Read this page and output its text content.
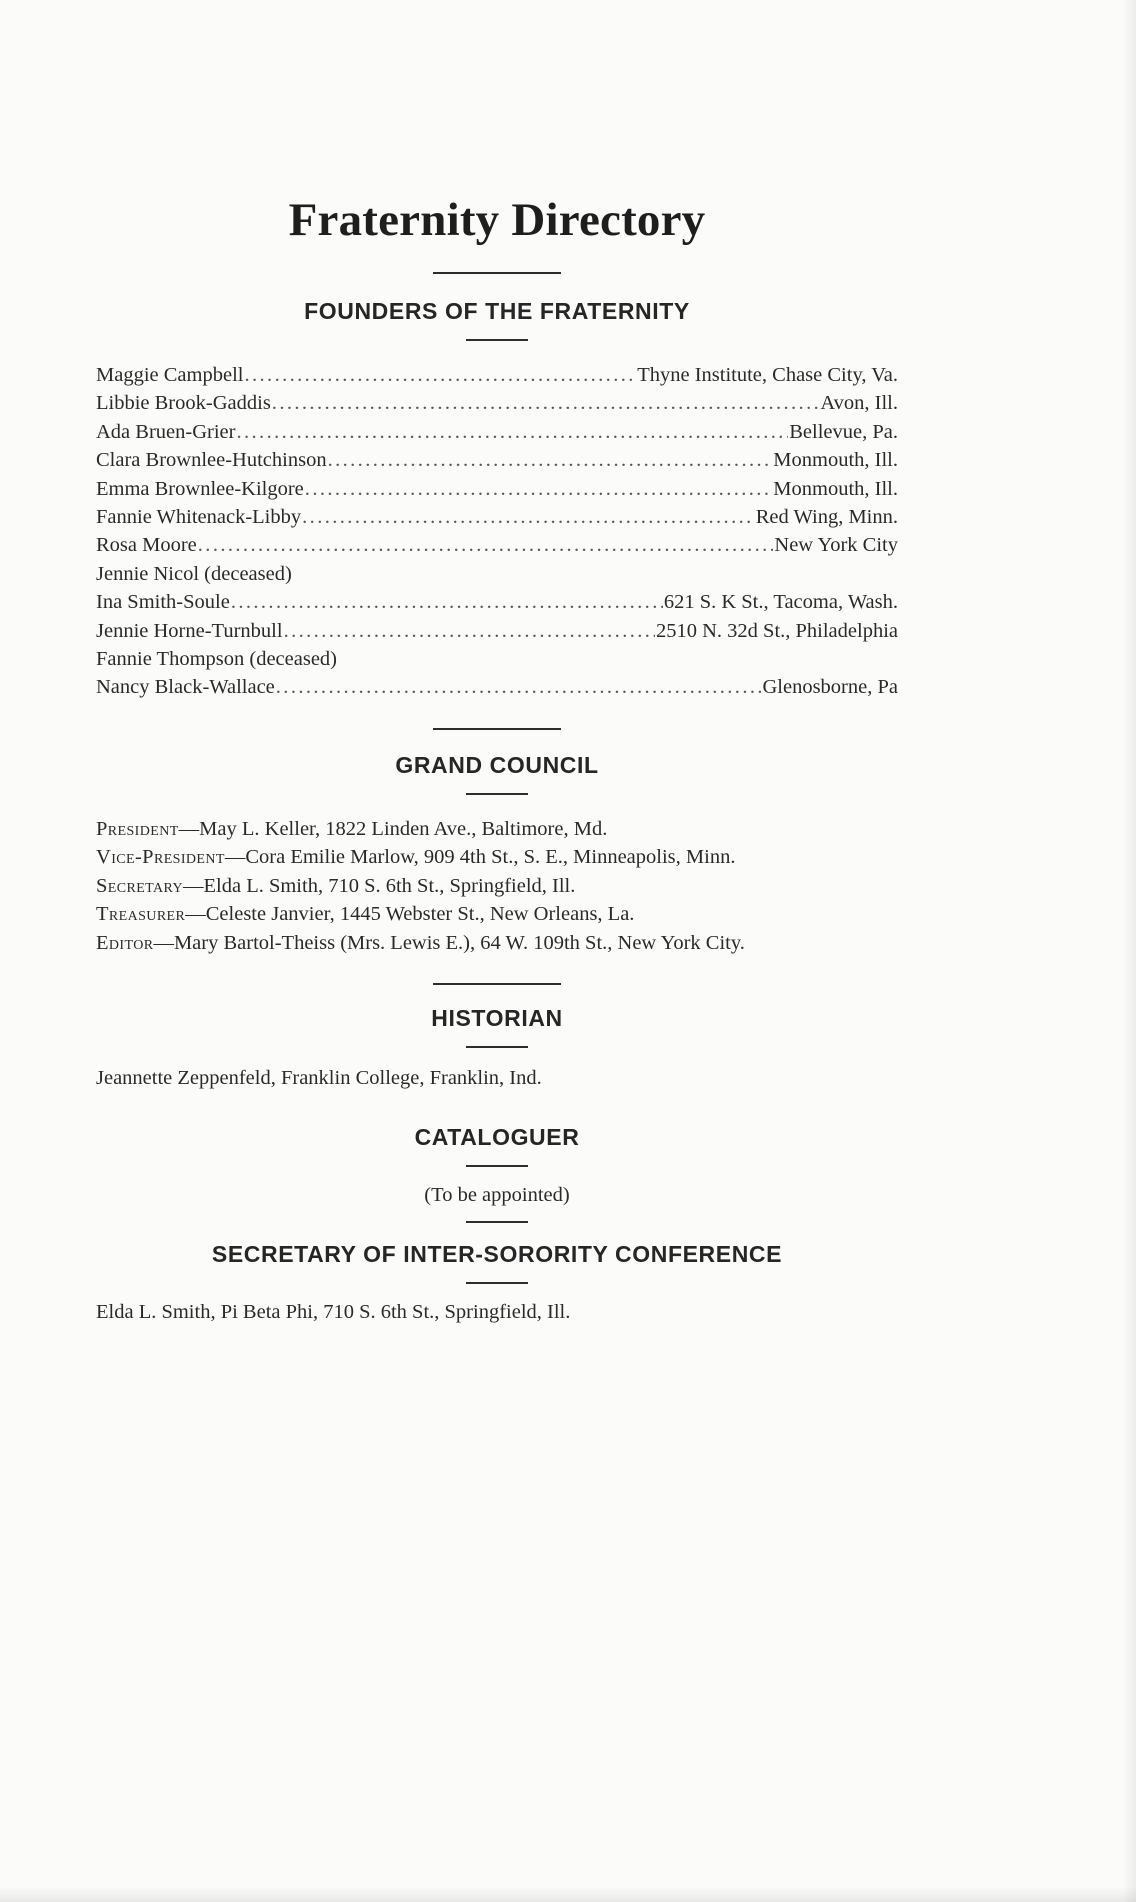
Fraternity Directory
FOUNDERS OF THE FRATERNITY
Maggie Campbell .....	Thyne Institute, Chase City, Va.
Libbie Brook-Gaddis .....	Avon, Ill.
Ada Bruen-Grier .....	Bellevue, Pa.
Clara Brownlee-Hutchinson .....	Monmouth, Ill.
Emma Brownlee-Kilgore .....	Monmouth, Ill.
Fannie Whitenack-Libby .....	Red Wing, Minn.
Rosa Moore .....	New York City
Jennie Nicol (deceased)
Ina Smith-Soule .....	621 S. K St., Tacoma, Wash.
Jennie Horne-Turnbull .....	2510 N. 32d St., Philadelphia
Fannie Thompson (deceased)
Nancy Black-Wallace .....	Glenosborne, Pa
GRAND COUNCIL

President—May L. Keller, 1822 Linden Ave., Baltimore, Md.

Vice-President—Cora Emilie Marlow, 909 4th St., S. E., Minneapolis, Minn.

Secretary—Elda L. Smith, 710 S. 6th St., Springfield, Ill.

Treasurer—Celeste Janvier, 1445 Webster St., New Orleans, La.

Editor—Mary Bartol-Theiss (Mrs. Lewis E.), 64 W. 109th St., New York City.

HISTORIAN

Jeannette Zeppenfeld, Franklin College, Franklin, Ind.

CATALOGUER

(To be appointed)

SECRETARY OF INTER-SORORITY CONFERENCE

Elda L. Smith, Pi Beta Phi, 710 S. 6th St., Springfield, Ill.
